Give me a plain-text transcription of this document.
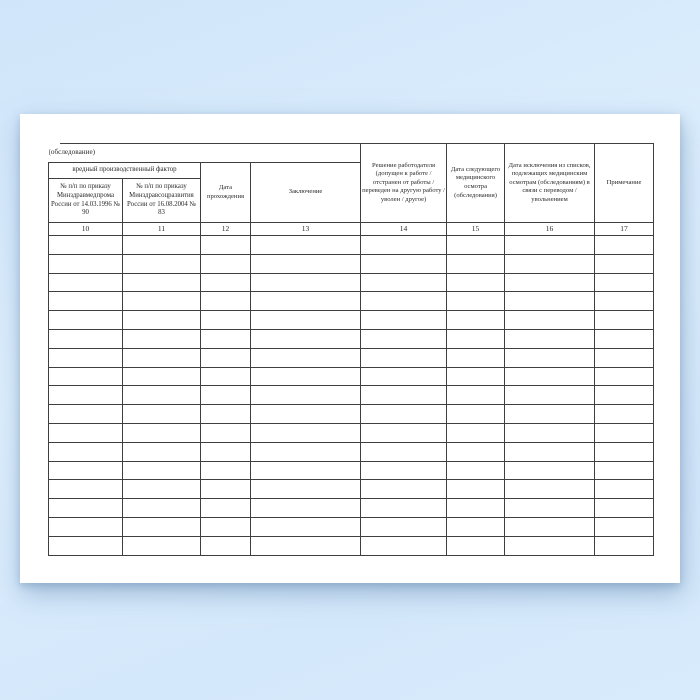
(обследование)				Решение работодателя (допущен к работе / отстранен от работы / переведен на другую работу / уволен / другое)	Дата следующего медицинского осмотра (обследования)	Дата исключения из списков, подлежащих медицинским осмотрам (обследованиям) в связи с переводом / увольнением	Примечание
вредный производственный фактор		Дата прохождения	Заключение				
№ п/п по приказу Минздравмедпрома России от 14.03.1996 № 90	№ п/п по приказу Минздравсоцразвития России от 16.08.2004 № 83						
10	11	12	13	14	15	16	17
